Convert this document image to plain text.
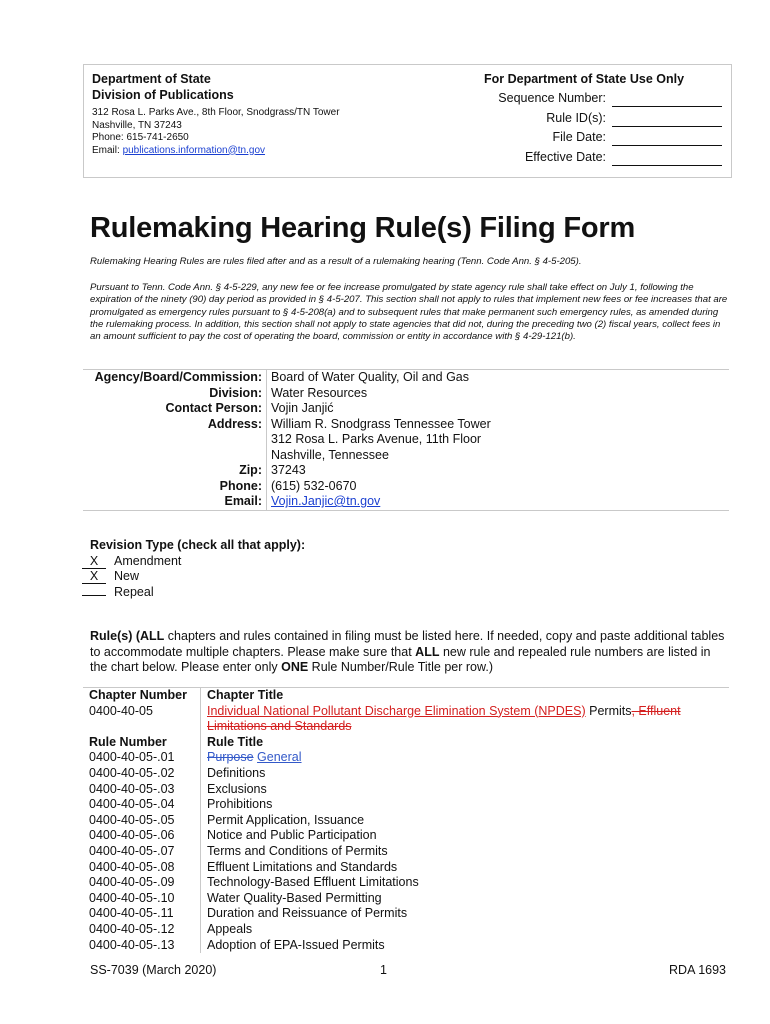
Department of State
Division of Publications
312 Rosa L. Parks Ave., 8th Floor, Snodgrass/TN Tower
Nashville, TN 37243
Phone: 615-741-2650
Email: publications.information@tn.gov
For Department of State Use Only
Sequence Number:
Rule ID(s):
File Date:
Effective Date:
Rulemaking Hearing Rule(s) Filing Form
Rulemaking Hearing Rules are rules filed after and as a result of a rulemaking hearing (Tenn. Code Ann. § 4-5-205).
Pursuant to Tenn. Code Ann. § 4-5-229, any new fee or fee increase promulgated by state agency rule shall take effect on July 1, following the expiration of the ninety (90) day period as provided in § 4-5-207. This section shall not apply to rules that implement new fees or fee increases that are promulgated as emergency rules pursuant to § 4-5-208(a) and to subsequent rules that make permanent such emergency rules, as amended during the rulemaking process. In addition, this section shall not apply to state agencies that did not, during the preceding two (2) fiscal years, collect fees in an amount sufficient to pay the cost of operating the board, commission or entity in accordance with § 4-29-121(b).
Agency/Board/Commission:	Board of Water Quality, Oil and Gas
Division:	Water Resources
Contact Person:	Vojin Janjić
Address:	William R. Snodgrass Tennessee Tower
312 Rosa L. Parks Avenue, 11th Floor
Nashville, Tennessee

Zip:	37243
Phone:	(615) 532-0670
Email:	Vojin.Janjic@tn.gov
Revision Type (check all that apply):
X Amendment
X New
Repeal
Rule(s) (ALL chapters and rules contained in filing must be listed here. If needed, copy and paste additional tables to accommodate multiple chapters. Please make sure that ALL new rule and repealed rule numbers are listed in the chart below. Please enter only ONE Rule Number/Rule Title per row.)
Chapter Number	Chapter Title
0400-40-05	Individual National Pollutant Discharge Elimination System (NPDES) Permits, Effluent Limitations and Standards
Rule Number	Rule Title
0400-40-05-.01	Purpose General
0400-40-05-.02	Definitions
0400-40-05-.03	Exclusions
0400-40-05-.04	Prohibitions
0400-40-05-.05	Permit Application, Issuance
0400-40-05-.06	Notice and Public Participation
0400-40-05-.07	Terms and Conditions of Permits
0400-40-05-.08	Effluent Limitations and Standards
0400-40-05-.09	Technology-Based Effluent Limitations
0400-40-05-.10	Water Quality-Based Permitting
0400-40-05-.11	Duration and Reissuance of Permits
0400-40-05-.12	Appeals
0400-40-05-.13	Adoption of EPA-Issued Permits
SS-7039 (March 2020)	1	RDA 1693
